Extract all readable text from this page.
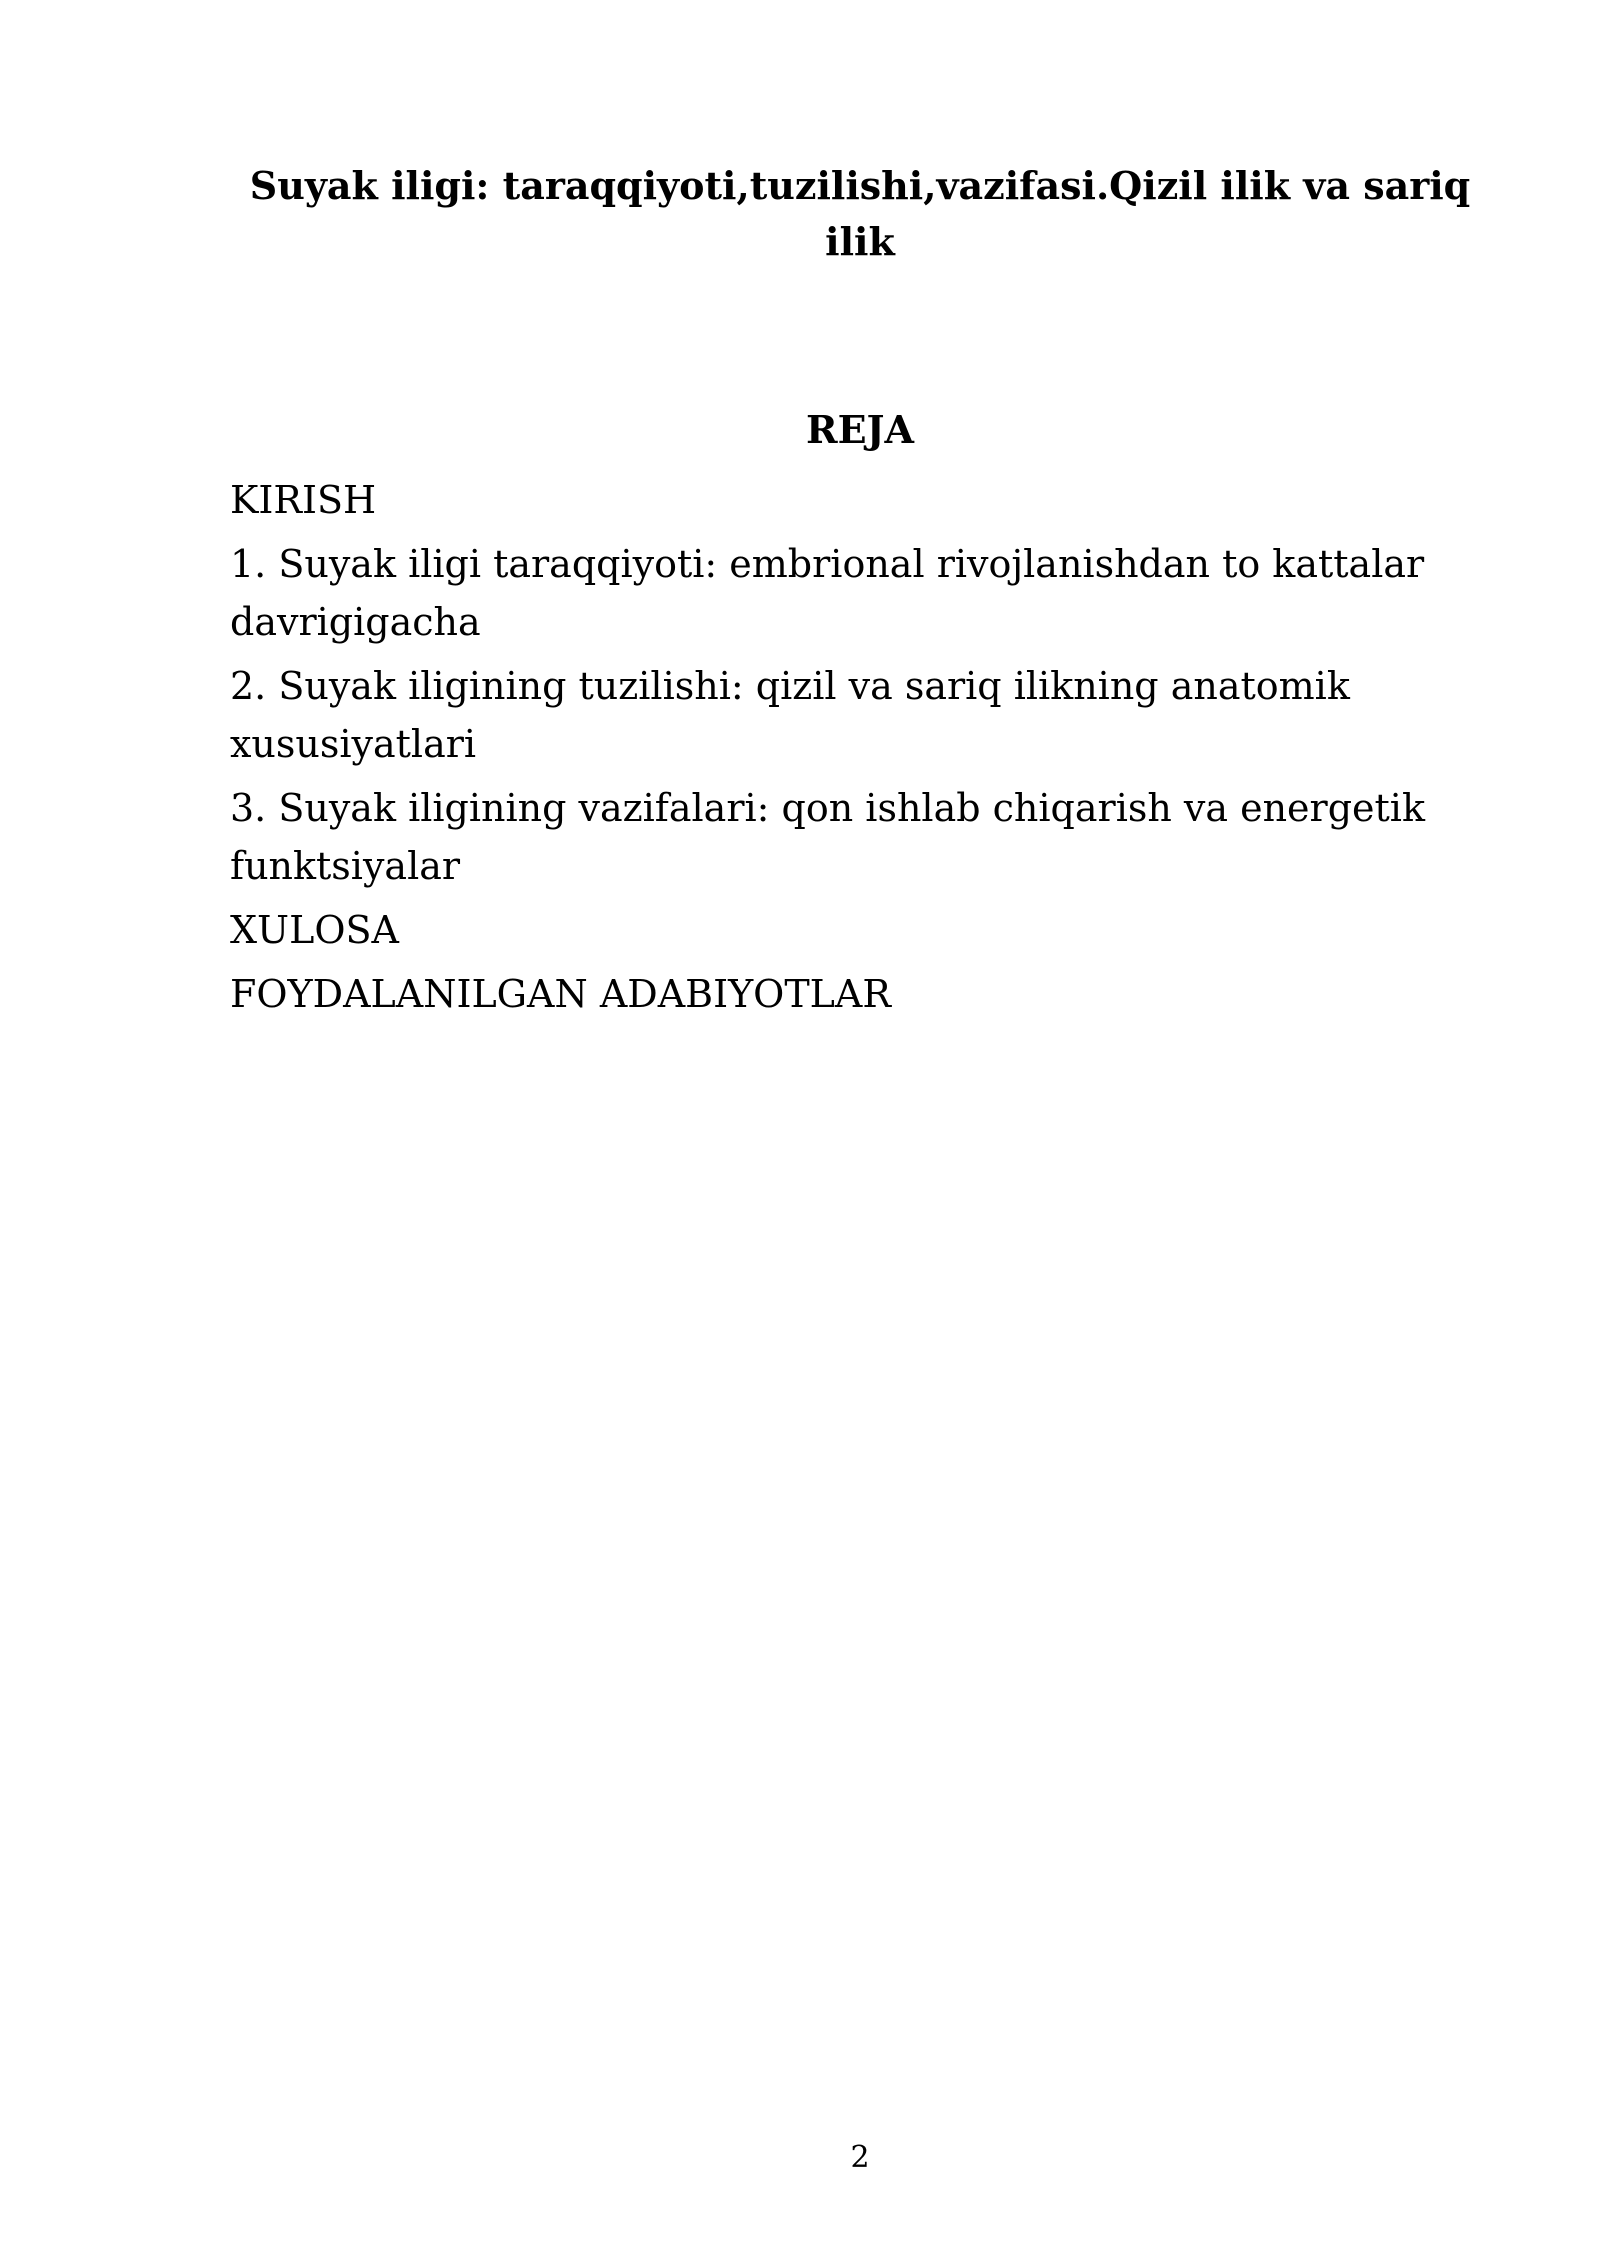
Suyak iligi: taraqqiyoti,tuzilishi,vazifasi.Qizil ilik va sariq ilik
REJA
KIRISH
1. Suyak iligi taraqqiyoti: embrional rivojlanishdan to kattalar davrigigacha
2. Suyak iligining tuzilishi: qizil va sariq ilikning anatomik xususiyatlari
3. Suyak iligining vazifalari: qon ishlab chiqarish va energetik funktsiyalar
XULOSA
FOYDALANILGAN ADABIYOTLAR
2
